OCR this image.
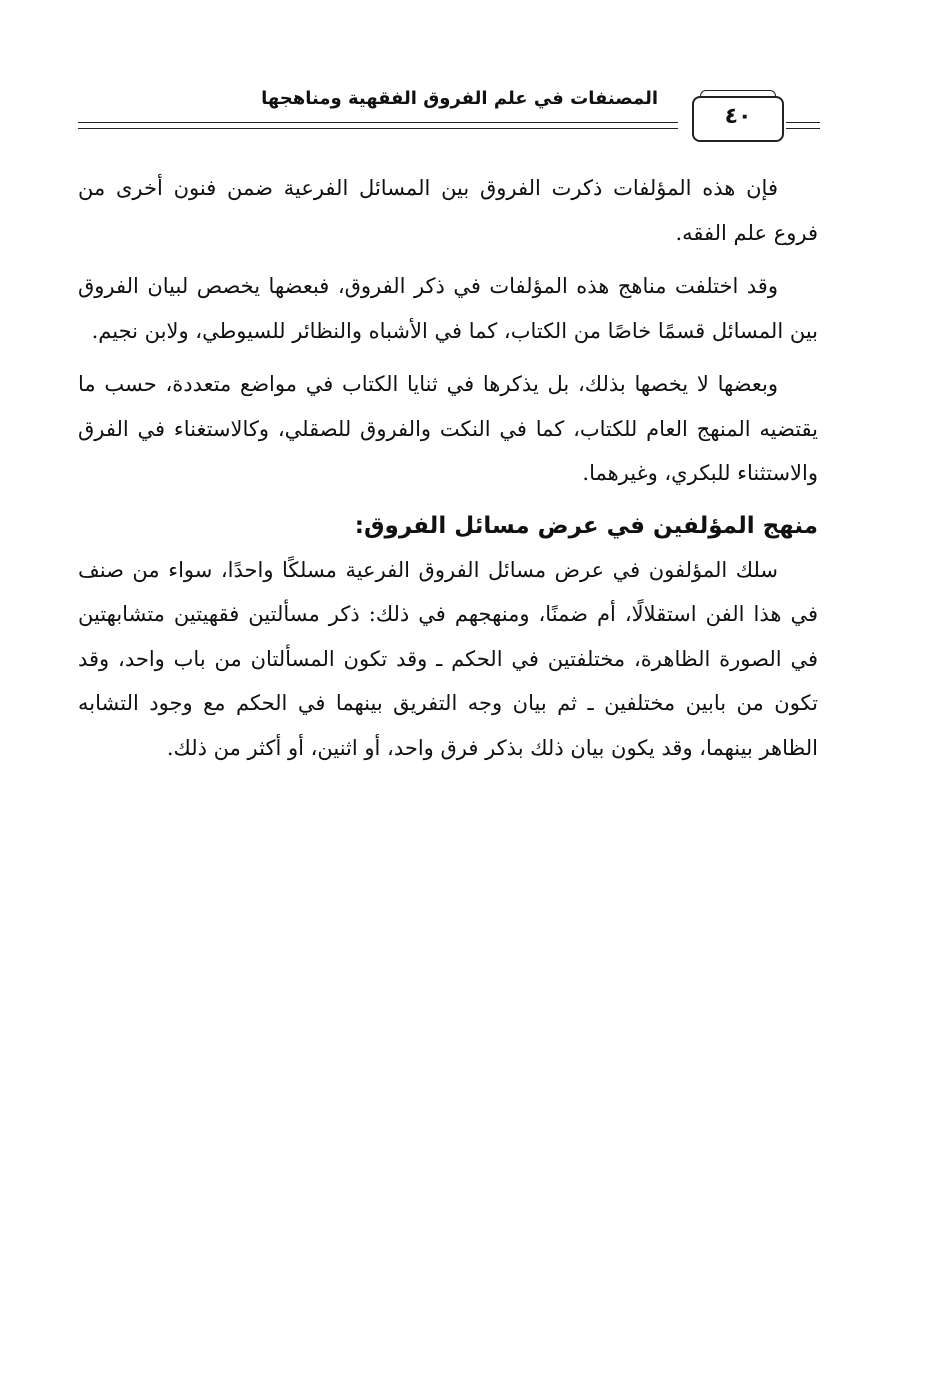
المصنفات في علم الفروق الفقهية ومناهجها
٤٠

فإن هذه المؤلفات ذكرت الفروق بين المسائل الفرعية ضمن فنون أخرى من فروع علم الفقه.

وقد اختلفت مناهج هذه المؤلفات في ذكر الفروق، فبعضها يخصص لبيان الفروق بين المسائل قسمًا خاصًا من الكتاب، كما في الأشباه والنظائر للسيوطي، ولابن نجيم.

وبعضها لا يخصها بذلك، بل يذكرها في ثنايا الكتاب في مواضع متعددة، حسب ما يقتضيه المنهج العام للكتاب، كما في النكت والفروق للصقلي، وكالاستغناء في الفرق والاستثناء للبكري، وغيرهما.

منهج المؤلفين في عرض مسائل الفروق:

سلك المؤلفون في عرض مسائل الفروق الفرعية مسلكًا واحدًا، سواء من صنف في هذا الفن استقلالًا، أم ضمنًا، ومنهجهم في ذلك: ذكر مسألتين فقهيتين متشابهتين في الصورة الظاهرة، مختلفتين في الحكم ـ وقد تكون المسألتان من باب واحد، وقد تكون من بابين مختلفين ـ ثم بيان وجه التفريق بينهما في الحكم مع وجود التشابه الظاهر بينهما، وقد يكون بيان ذلك بذكر فرق واحد، أو اثنين، أو أكثر من ذلك.
